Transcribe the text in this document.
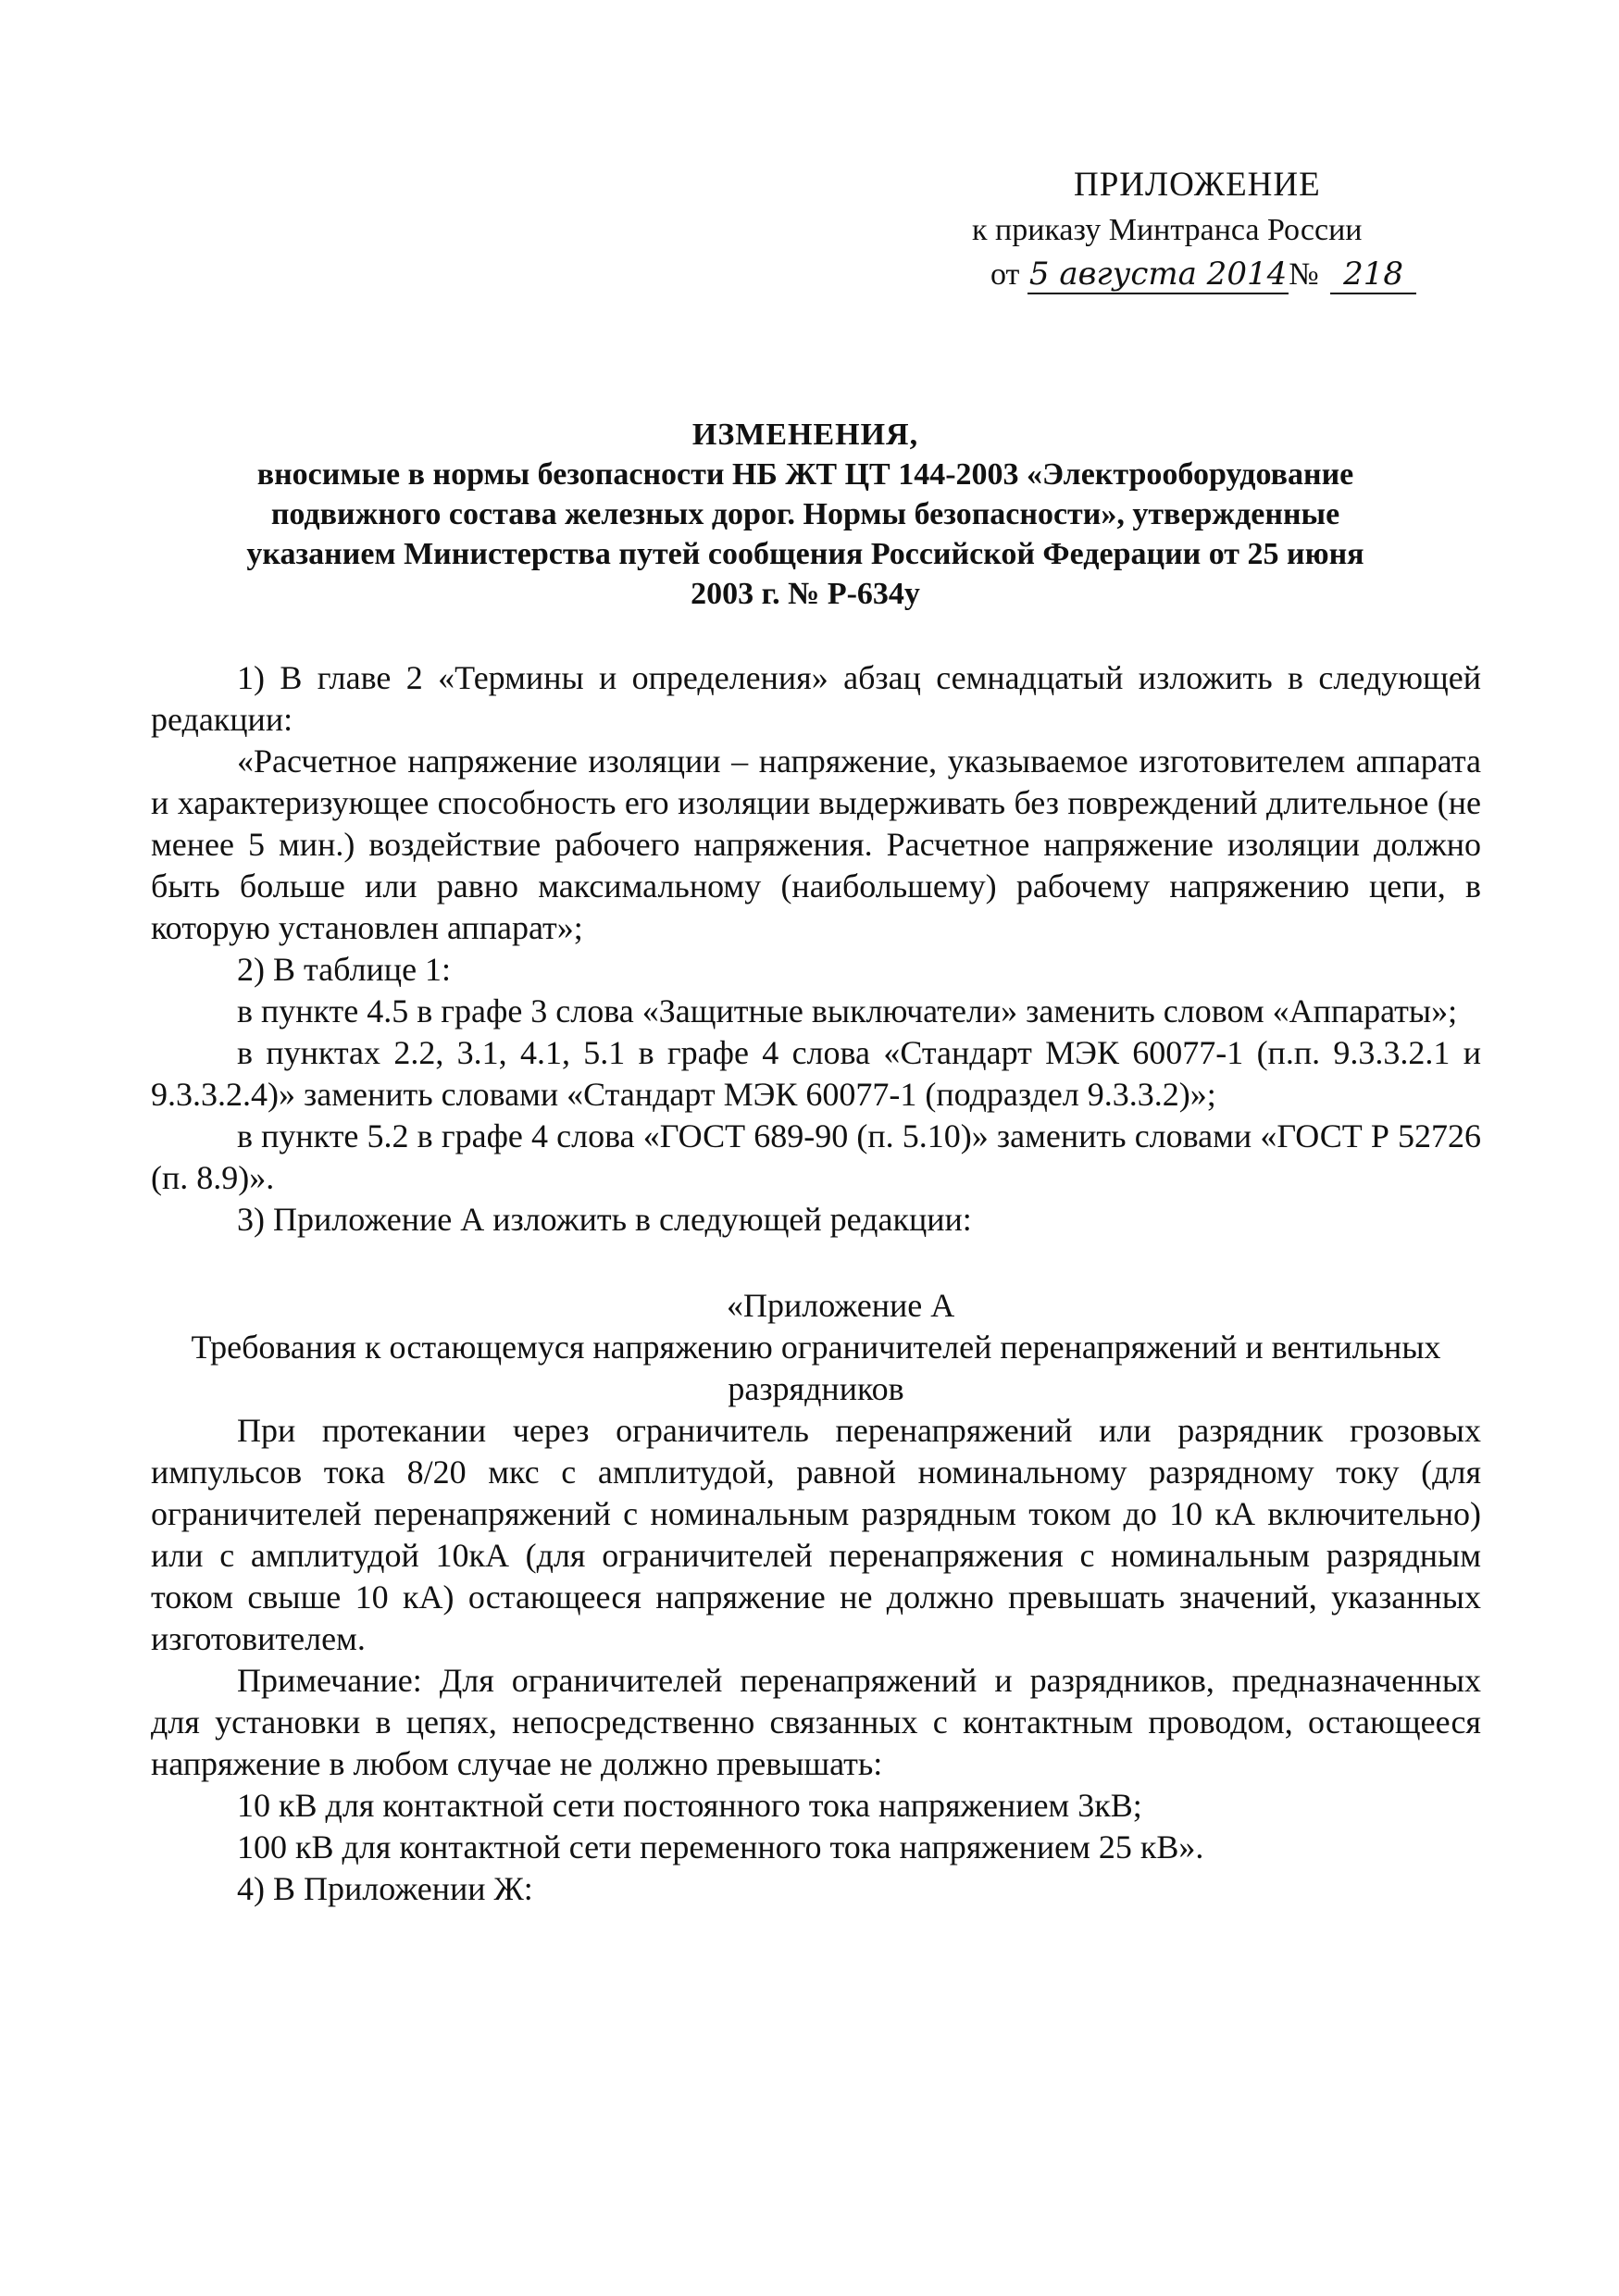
ПРИЛОЖЕНИЕ
к приказу Минтранса России
от 5 августа 2014№ 218
ИЗМЕНЕНИЯ,
вносимые в нормы безопасности НБ ЖТ ЦТ 144-2003 «Электрооборудование
подвижного состава железных дорог. Нормы безопасности», утвержденные
указанием Министерства путей сообщения Российской Федерации от 25 июня
2003 г. № Р-634у

1) В главе 2 «Термины и определения» абзац семнадцатый изложить в следующей редакции:

«Расчетное напряжение изоляции – напряжение, указываемое изготовителем аппарата и характеризующее способность его изоляции выдерживать без повреждений длительное (не менее 5 мин.) воздействие рабочего напряжения. Расчетное напряжение изоляции должно быть больше или равно максимальному (наибольшему) рабочему напряжению цепи, в которую установлен аппарат»;

2) В таблице 1:

в пункте 4.5 в графе 3 слова «Защитные выключатели» заменить словом «Аппараты»;

в пунктах 2.2, 3.1, 4.1, 5.1 в графе 4 слова «Стандарт МЭК 60077-1 (п.п. 9.3.3.2.1 и 9.3.3.2.4)» заменить словами «Стандарт МЭК 60077-1 (подраздел 9.3.3.2)»;

в пункте 5.2 в графе 4 слова «ГОСТ 689-90 (п. 5.10)» заменить словами «ГОСТ Р 52726 (п. 8.9)».

3) Приложение А изложить в следующей редакции:

«Приложение А

Требования к остающемуся напряжению ограничителей перенапряжений и вентильных разрядников

При протекании через ограничитель перенапряжений или разрядник грозовых импульсов тока 8/20 мкс с амплитудой, равной номинальному разрядному току (для ограничителей перенапряжений с номинальным разрядным током до 10 кА включительно) или с амплитудой 10кА (для ограничителей перенапряжения с номинальным разрядным током свыше 10 кА) остающееся напряжение не должно превышать значений, указанных изготовителем.

Примечание: Для ограничителей перенапряжений и разрядников, предназначенных для установки в цепях, непосредственно связанных с контактным проводом, остающееся напряжение в любом случае не должно превышать:

10 кВ для контактной сети постоянного тока напряжением 3кВ;

100 кВ для контактной сети переменного тока напряжением 25 кВ».

4) В Приложении Ж:
